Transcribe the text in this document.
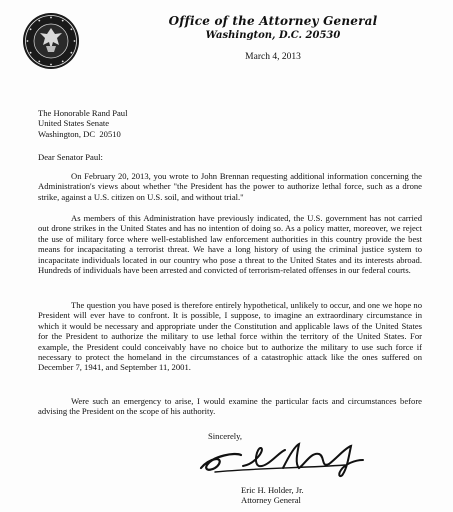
Office of the Attorney General
Washington, D.C. 20530
March 4, 2013
The Honorable Rand Paul
United States Senate
Washington, DC  20510
Dear Senator Paul:

On February 20, 2013, you wrote to John Brennan requesting additional information concerning the Administration's views about whether "the President has the power to authorize lethal force, such as a drone strike, against a U.S. citizen on U.S. soil, and without trial."

As members of this Administration have previously indicated, the U.S. government has not carried out drone strikes in the United States and has no intention of doing so. As a policy matter, moreover, we reject the use of military force where well-established law enforcement authorities in this country provide the best means for incapacitating a terrorist threat. We have a long history of using the criminal justice system to incapacitate individuals located in our country who pose a threat to the United States and its interests abroad. Hundreds of individuals have been arrested and convicted of terrorism-related offenses in our federal courts.

The question you have posed is therefore entirely hypothetical, unlikely to occur, and one we hope no President will ever have to confront. It is possible, I suppose, to imagine an extraordinary circumstance in which it would be necessary and appropriate under the Constitution and applicable laws of the United States for the President to authorize the military to use lethal force within the territory of the United States. For example, the President could conceivably have no choice but to authorize the military to use such force if necessary to protect the homeland in the circumstances of a catastrophic attack like the ones suffered on December 7, 1941, and September 11, 2001.

Were such an emergency to arise, I would examine the particular facts and circumstances before advising the President on the scope of his authority.

Sincerely,
Eric H. Holder, Jr.
Attorney General
